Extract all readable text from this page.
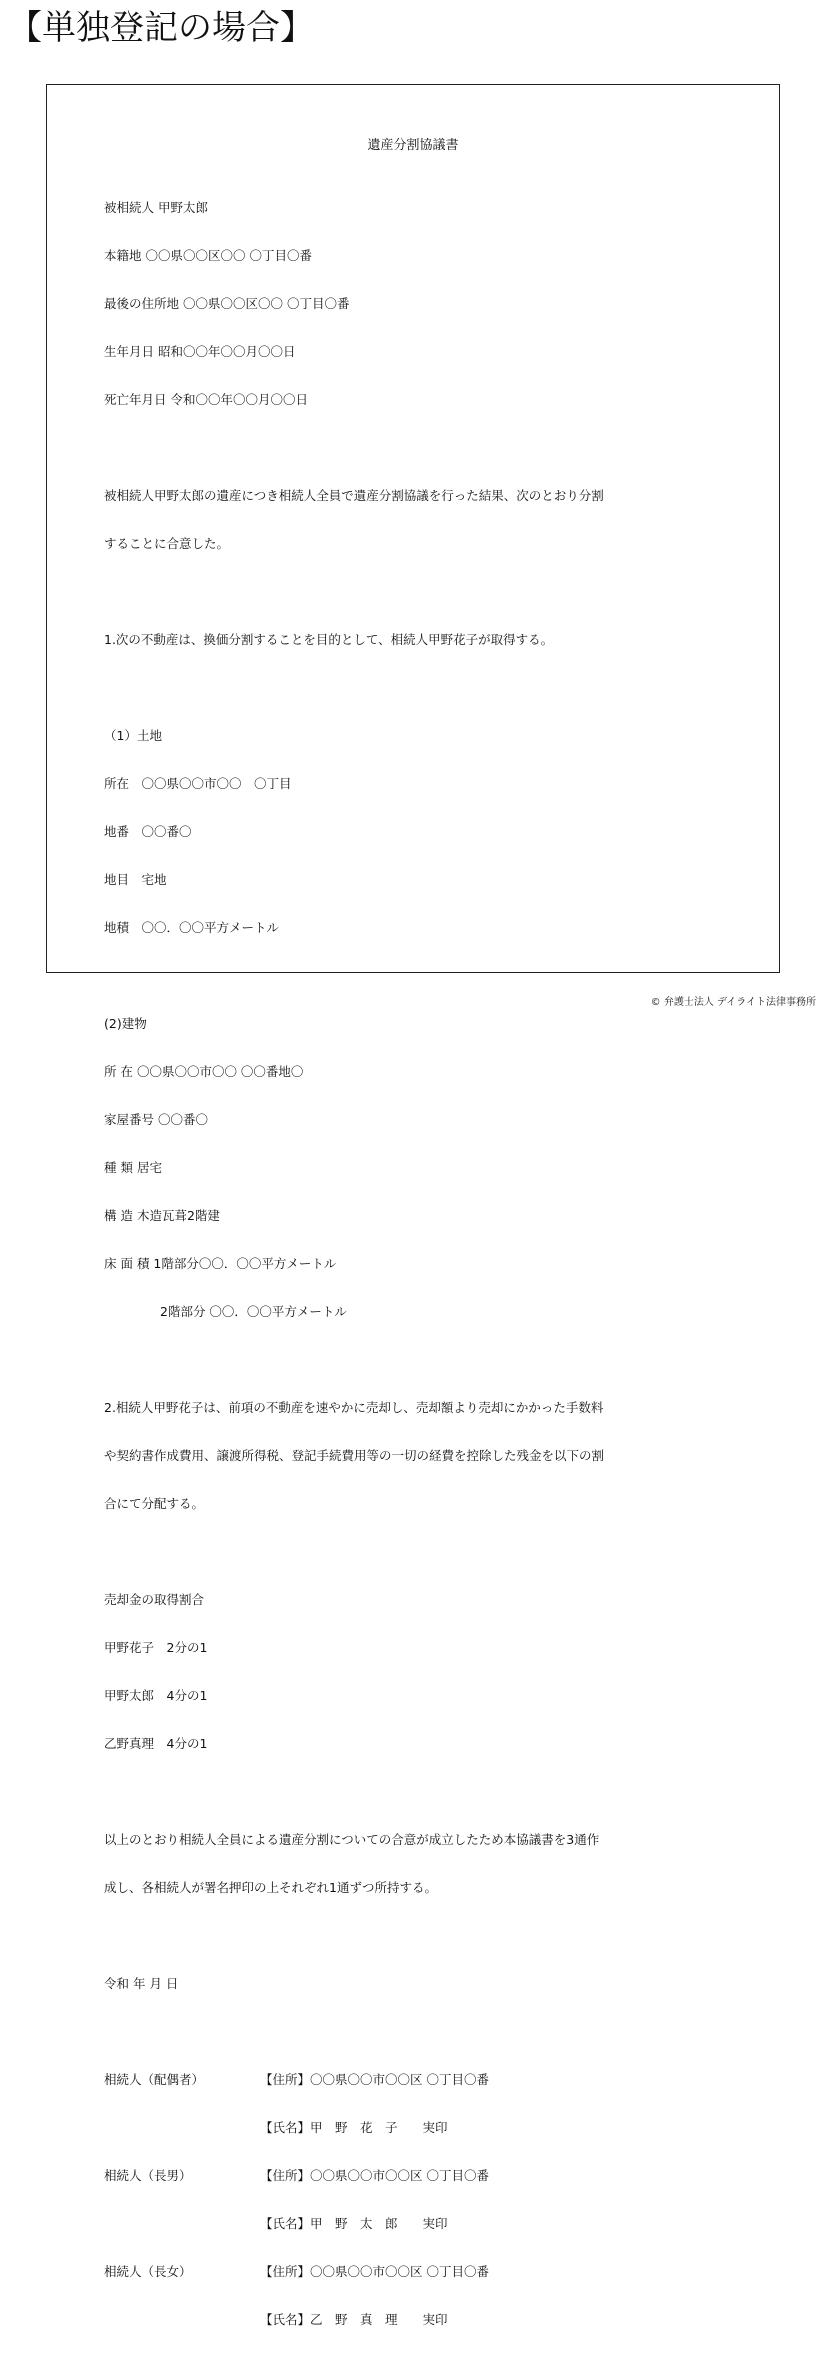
【単独登記の場合】
遺産分割協議書

被相続人 甲野太郎

本籍地 〇〇県〇〇区〇〇 〇丁目〇番

最後の住所地 〇〇県〇〇区〇〇 〇丁目〇番

生年月日 昭和〇〇年〇〇月〇〇日

死亡年月日 令和〇〇年〇〇月〇〇日

被相続人甲野太郎の遺産につき相続人全員で遺産分割協議を行った結果、次のとおり分割

することに合意した。

1.次の不動産は、換価分割することを目的として、相続人甲野花子が取得する。

（1）土地

所在　〇〇県〇〇市〇〇　〇丁目

地番　〇〇番〇

地目　宅地

地積　〇〇．〇〇平方メートル

(2)建物

所 在 〇〇県〇〇市〇〇 〇〇番地〇

家屋番号 〇〇番〇

種 類 居宅

構 造 木造瓦葺2階建

床 面 積 1階部分〇〇．〇〇平方メートル

2階部分 〇〇．〇〇平方メートル

2.相続人甲野花子は、前項の不動産を速やかに売却し、売却額より売却にかかった手数料

や契約書作成費用、譲渡所得税、登記手続費用等の一切の経費を控除した残金を以下の割

合にて分配する。

売却金の取得割合

甲野花子　2分の1

甲野太郎　4分の1

乙野真理　4分の1

以上のとおり相続人全員による遺産分割についての合意が成立したため本協議書を3通作

成し、各相続人が署名押印の上それぞれ1通ずつ所持する。

令和 年 月 日

相続人（配偶者）	【住所】〇〇県〇〇市〇〇区 〇丁目〇番

【氏名】甲　野　花　子　　実印

相続人（長男）	【住所】〇〇県〇〇市〇〇区 〇丁目〇番

【氏名】甲　野　太　郎　　実印

相続人（長女）	【住所】〇〇県〇〇市〇〇区 〇丁目〇番

【氏名】乙　野　真　理　　実印

© 弁護士法人 デイライト法律事務所
